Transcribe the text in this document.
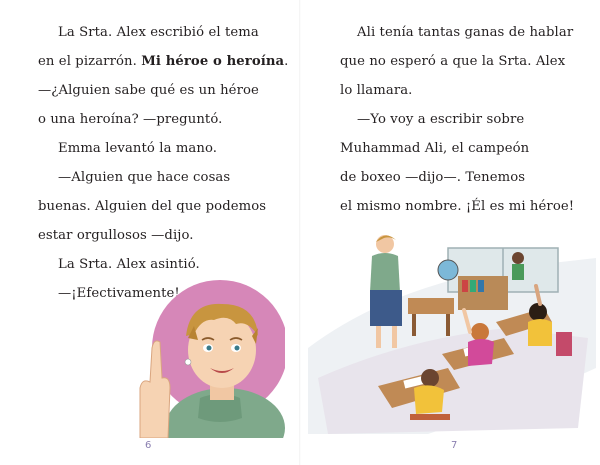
La Srta. Alex escribió el tema

en el pizarrón. Mi héroe o heroína.

—¿Alguien sabe qué es un héroe

o una heroína? —preguntó.

Emma levantó la mano.

—Alguien que hace cosas

buenas. Alguien del que podemos

estar orgullosos —dijo.

La Srta. Alex asintió.

—¡Efectivamente!

6

Ali tenía tantas ganas de hablar

que no esperó a que la Srta. Alex

lo llamara.

—Yo voy a escribir sobre

Muhammad Ali, el campeón

de boxeo —dijo—. Tenemos

el mismo nombre. ¡Él es mi héroe!

7
